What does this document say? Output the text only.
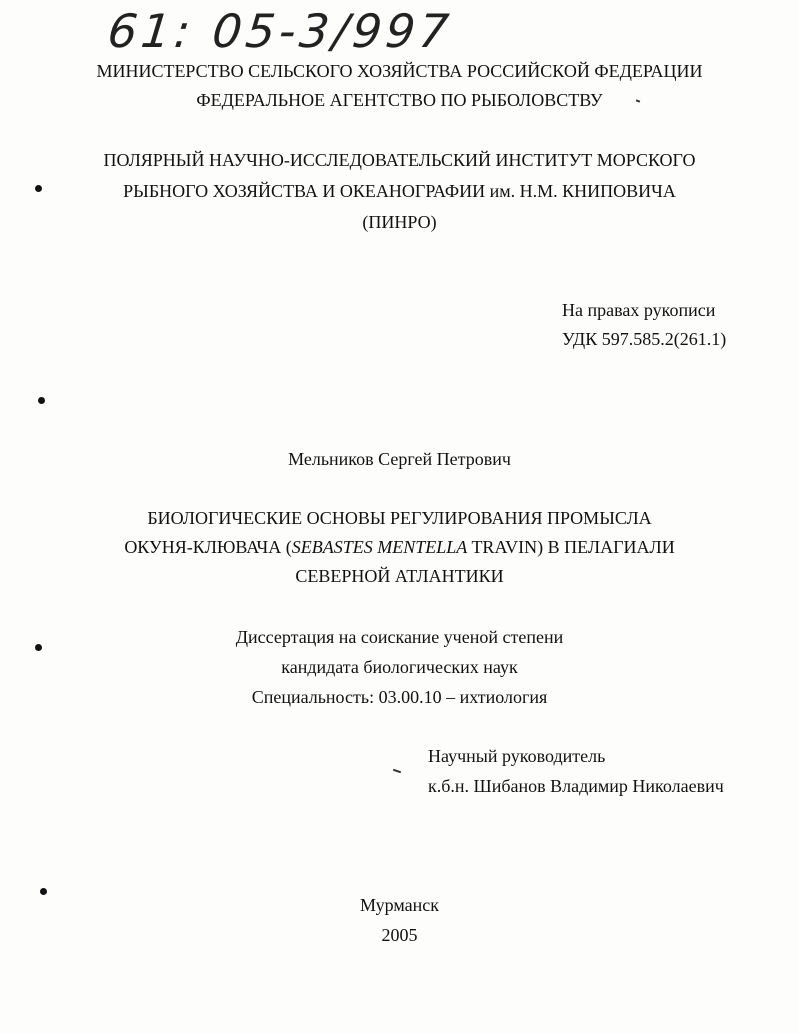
61: 05-3/997
МИНИСТЕРСТВО СЕЛЬСКОГО ХОЗЯЙСТВА РОССИЙСКОЙ ФЕДЕРАЦИИ
ФЕДЕРАЛЬНОЕ АГЕНТСТВО ПО РЫБОЛОВСТВУ
ПОЛЯРНЫЙ НАУЧНО-ИССЛЕДОВАТЕЛЬСКИЙ ИНСТИТУТ МОРСКОГО
РЫБНОГО ХОЗЯЙСТВА И ОКЕАНОГРАФИИ им. Н.М. КНИПОВИЧА
(ПИНРО)
На правах рукописи
УДК 597.585.2(261.1)
Мельников Сергей Петрович
БИОЛОГИЧЕСКИЕ ОСНОВЫ РЕГУЛИРОВАНИЯ ПРОМЫСЛА
ОКУНЯ-КЛЮВАЧА (SEBASTES MENTELLA TRAVIN) В ПЕЛАГИАЛИ
СЕВЕРНОЙ АТЛАНТИКИ
Диссертация на соискание ученой степени
кандидата биологических наук
Специальность: 03.00.10 – ихтиология
Научный руководитель
к.б.н. Шибанов Владимир Николаевич
Мурманск
2005
